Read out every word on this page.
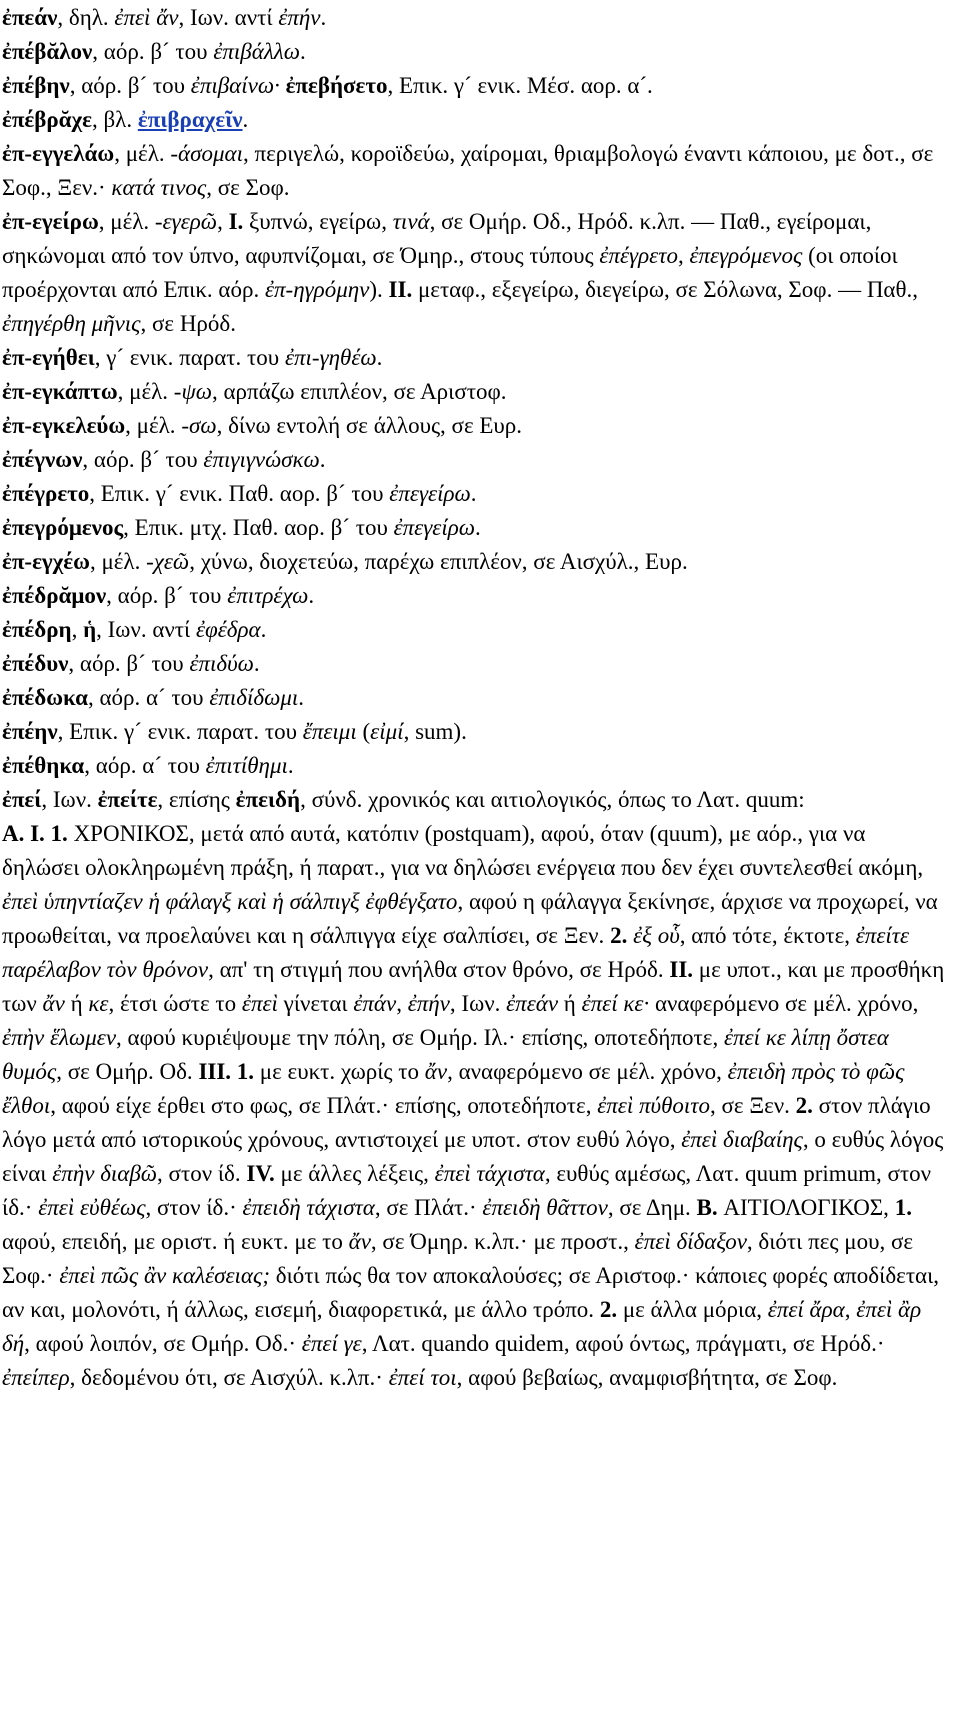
ἐπεάν, δηλ. ἐπεὶ ἄν, Ιων. αντί ἐπήν.
ἐπέβᾰλον, αόρ. β´ του ἐπιβάλλω.
ἐπέβην, αόρ. β´ του ἐπιβαίνω· ἐπεβήσετο, Επικ. γ´ ενικ. Μέσ. αορ. α´.
ἐπέβρᾰχε, βλ. ἐπιβραχεῖν.
ἐπ-εγγελάω, μέλ. -άσομαι, περιγελώ, κοροϊδεύω, χαίρομαι, θριαμβολογώ έναντι κάποιου, με δοτ., σε Σοφ., Ξεν.· κατά τινος, σε Σοφ.
ἐπ-εγείρω, μέλ. -εγερῶ, I. ξυπνώ, εγείρω, τινά, σε Ομήρ. Οδ., Ηρόδ. κ.λπ. — Παθ., εγείρομαι, σηκώνομαι από τον ύπνο, αφυπνίζομαι, σε Όμηρ., στους τύπους ἐπέγρετο, ἐπεγρόμενος (οι οποίοι προέρχονται από Επικ. αόρ. ἐπ-ηγρόμην). II. μεταφ., εξεγείρω, διεγείρω, σε Σόλωνα, Σοφ. — Παθ., ἐπηγέρθη μῆνις, σε Ηρόδ.
ἐπ-εγήθει, γ´ ενικ. παρατ. του ἐπι-γηθέω.
ἐπ-εγκάπτω, μέλ. -ψω, αρπάζω επιπλέον, σε Αριστοφ.
ἐπ-εγκελεύω, μέλ. -σω, δίνω εντολή σε άλλους, σε Ευρ.
ἐπέγνων, αόρ. β´ του ἐπιγιγνώσκω.
ἐπέγρετο, Επικ. γ´ ενικ. Παθ. αορ. β´ του ἐπεγείρω.
ἐπεγρόμενος, Επικ. μτχ. Παθ. αορ. β´ του ἐπεγείρω.
ἐπ-εγχέω, μέλ. -χεῶ, χύνω, διοχετεύω, παρέχω επιπλέον, σε Αισχύλ., Ευρ.
ἐπέδρᾰμον, αόρ. β´ του ἐπιτρέχω.
ἐπέδρη, ἡ, Ιων. αντί ἐφέδρα.
ἐπέδυν, αόρ. β´ του ἐπιδύω.
ἐπέδωκα, αόρ. α´ του ἐπιδίδωμι.
ἐπέην, Επικ. γ´ ενικ. παρατ. του ἔπειμι (εἰμί, sum).
ἐπέθηκα, αόρ. α´ του ἐπιτίθημι.
ἐπεί, Ιων. ἐπείτε, επίσης ἐπειδή, σύνδ. χρονικός και αιτιολογικός, όπως το Λατ. quum:
A. I. 1. ΧΡΟΝΙΚΟΣ, μετά από αυτά, κατόπιν (postquam), αφού, όταν (quum), με αόρ., για να δηλώσει ολοκληρωμένη πράξη, ή παρατ., για να δηλώσει ενέργεια που δεν έχει συντελεσθεί ακόμη, ἐπεὶ ὑπηντίαζεν ἡ φάλαγξ καὶ ἡ σάλπιγξ ἐφθέγξατο, αφού η φάλαγγα ξεκίνησε, άρχισε να προχωρεί, να προωθείται, να προελαύνει και η σάλπιγγα είχε σαλπίσει, σε Ξεν. 2. ἐξ οὗ, από τότε, έκτοτε, ἐπείτε παρέλαβον τὸν θρόνον, απ' τη στιγμή που ανήλθα στον θρόνο, σε Ηρόδ. II. με υποτ., και με προσθήκη των ἄν ή κε, έτσι ώστε το ἐπεὶ γίνεται ἐπάν, ἐπήν, Ιων. ἐπεάν ή ἐπεί κε· αναφερόμενο σε μέλ. χρόνο, ἐπὴν ἕλωμεν, αφού κυριέψουμε την πόλη, σε Ομήρ. Ιλ.· επίσης, οποτεδήποτε, ἐπεί κε λίπῃ ὄστεα θυμός, σε Ομήρ. Οδ. III. 1. με ευκτ. χωρίς το ἄν, αναφερόμενο σε μέλ. χρόνο, ἐπειδὴ πρὸς τὸ φῶς ἔλθοι, αφού είχε έρθει στο φως, σε Πλάτ.· επίσης, οποτεδήποτε, ἐπεὶ πύθοιτο, σε Ξεν. 2. στον πλάγιο λόγο μετά από ιστορικούς χρόνους, αντιστοιχεί με υποτ. στον ευθύ λόγο, ἐπεὶ διαβαίης, ο ευθύς λόγος είναι ἐπὴν διαβῶ, στον ίδ. IV. με άλλες λέξεις, ἐπεὶ τάχιστα, ευθύς αμέσως, Λατ. quum primum, στον ίδ.· ἐπεὶ εὐθέως, στον ίδ.· ἐπειδὴ τάχιστα, σε Πλάτ.· ἐπειδὴ θᾶττον, σε Δημ. B. ΑΙΤΙΟΛΟΓΙΚΟΣ, 1. αφού, επειδή, με οριστ. ή ευκτ. με το ἄν, σε Όμηρ. κ.λπ.· με προστ., ἐπεὶ δίδαξον, διότι πες μου, σε Σοφ.· ἐπεὶ πῶς ἂν καλέσειας; διότι πώς θα τον αποκαλούσες; σε Αριστοφ.· κάποιες φορές αποδίδεται, αν και, μολονότι, ή άλλως, εισεμή, διαφορετικά, με άλλο τρόπο. 2. με άλλα μόρια, ἐπεί ἄρα, ἐπεὶ ἂρ δή, αφού λοιπόν, σε Ομήρ. Οδ.· ἐπεί γε, Λατ. quando quidem, αφού όντως, πράγματι, σε Ηρόδ.· ἐπείπερ, δεδομένου ότι, σε Αισχύλ. κ.λπ.· ἐπεί τοι, αφού βεβαίως, αναμφισβήτητα, σε Σοφ.
